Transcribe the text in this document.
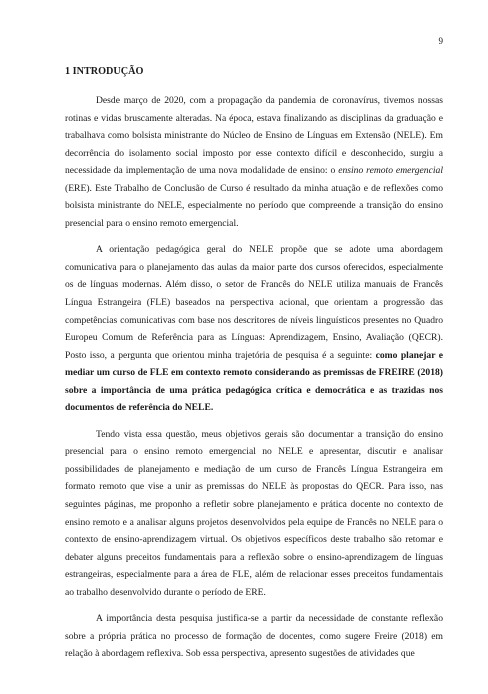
9
1 INTRODUÇÃO

Desde março de 2020, com a propagação da pandemia de coronavírus, tivemos nossas rotinas e vidas bruscamente alteradas. Na época, estava finalizando as disciplinas da graduação e trabalhava como bolsista ministrante do Núcleo de Ensino de Línguas em Extensão (NELE). Em decorrência do isolamento social imposto por esse contexto difícil e desconhecido, surgiu a necessidade da implementação de uma nova modalidade de ensino: o ensino remoto emergencial (ERE). Este Trabalho de Conclusão de Curso é resultado da minha atuação e de reflexões como bolsista ministrante do NELE, especialmente no período que compreende a transição do ensino presencial para o ensino remoto emergencial.

A orientação pedagógica geral do NELE propõe que se adote uma abordagem comunicativa para o planejamento das aulas da maior parte dos cursos oferecidos, especialmente os de línguas modernas. Além disso, o setor de Francês do NELE utiliza manuais de Francês Língua Estrangeira (FLE) baseados na perspectiva acional, que orientam a progressão das competências comunicativas com base nos descritores de níveis linguísticos presentes no Quadro Europeu Comum de Referência para as Línguas: Aprendizagem, Ensino, Avaliação (QECR). Posto isso, a pergunta que orientou minha trajetória de pesquisa é a seguinte: como planejar e mediar um curso de FLE em contexto remoto considerando as premissas de FREIRE (2018) sobre a importância de uma prática pedagógica crítica e democrática e as trazidas nos documentos de referência do NELE.

Tendo vista essa questão, meus objetivos gerais são documentar a transição do ensino presencial para o ensino remoto emergencial no NELE e apresentar, discutir e analisar possibilidades de planejamento e mediação de um curso de Francês Língua Estrangeira em formato remoto que vise a unir as premissas do NELE às propostas do QECR. Para isso, nas seguintes páginas, me proponho a refletir sobre planejamento e prática docente no contexto de ensino remoto e a analisar alguns projetos desenvolvidos pela equipe de Francês no NELE para o contexto de ensino-aprendizagem virtual. Os objetivos específicos deste trabalho são retomar e debater alguns preceitos fundamentais para a reflexão sobre o ensino-aprendizagem de línguas estrangeiras, especialmente para a área de FLE, além de relacionar esses preceitos fundamentais ao trabalho desenvolvido durante o período de ERE.

A importância desta pesquisa justifica-se a partir da necessidade de constante reflexão sobre a própria prática no processo de formação de docentes, como sugere Freire (2018) em relação à abordagem reflexiva. Sob essa perspectiva, apresento sugestões de atividades que
